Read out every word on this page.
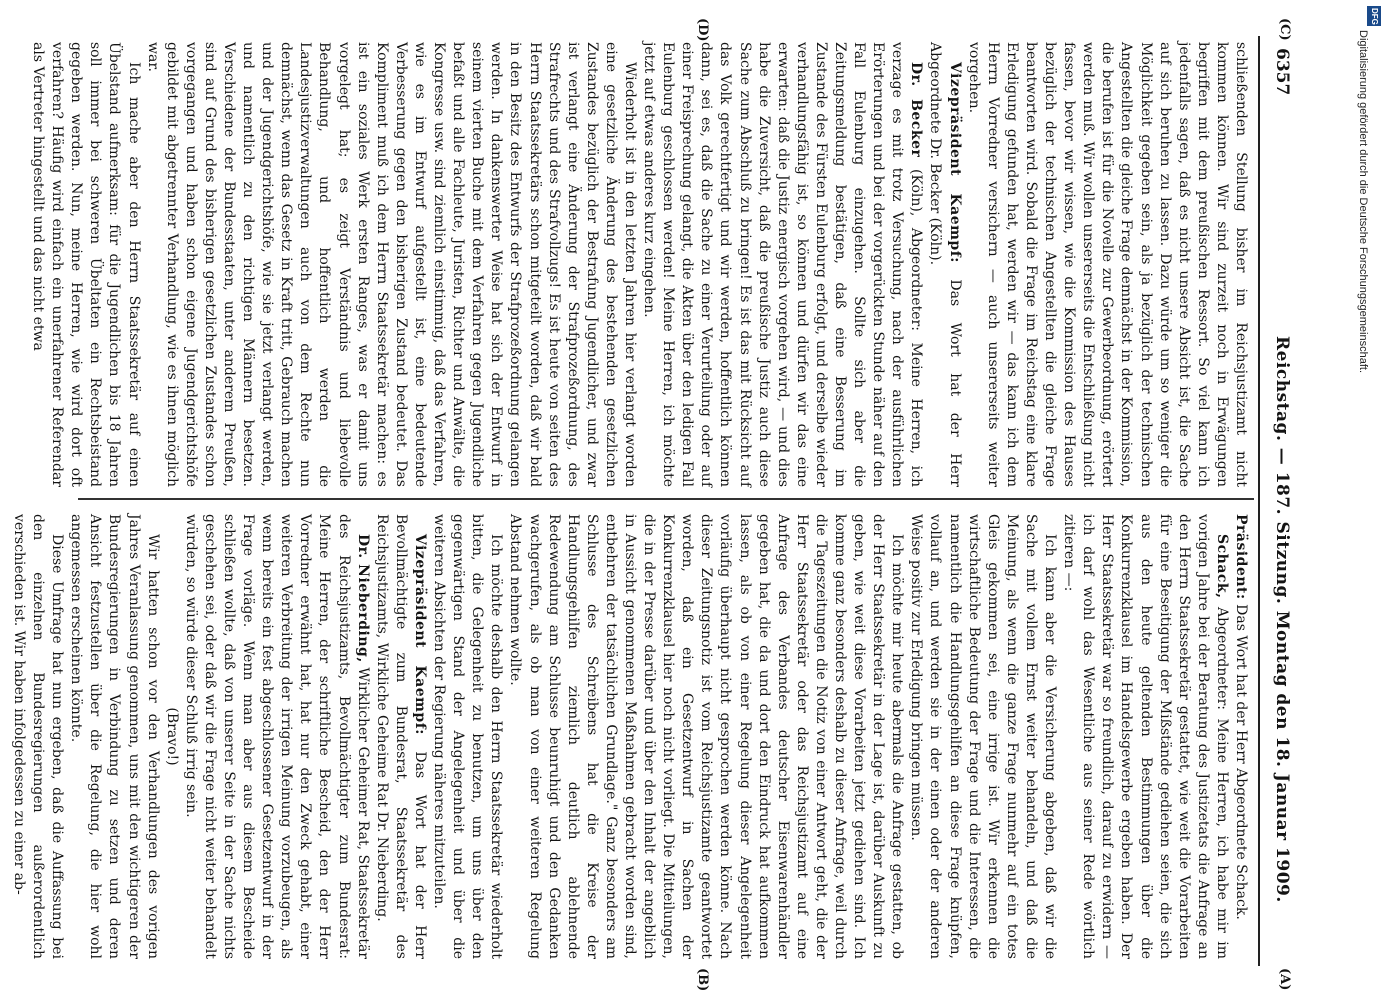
6357
Reichstag. — 187. Sitzung. Montag den 18. Januar 1909.

schließenden Stellung bisher im Reichsjustizamt nicht kommen können. Wir sind zurzeit noch in Erwägungen begriffen mit dem preußischen Ressort. So viel kann ich jedenfalls sagen, daß es nicht unsere Absicht ist, die Sache auf sich beruhen zu lassen. Dazu würde um so weniger die Möglichkeit gegeben sein, als ja bezüglich der technischen Angestellten die gleiche Frage demnächst in der Kommission, die berufen ist für die Novelle zur Gewerbeordnung, erörtert werden muß. Wir wollen unsererseits die Entschließung nicht fassen, bevor wir wissen, wie die Kommission des Hauses bezüglich der technischen Angestellten die gleiche Frage beantworten wird. Sobald die Frage im Reichstag eine klare Erledigung gefunden hat, werden wir — das kann ich dem Herrn Vorredner versichern — auch unsererseits weiter vorgehen.

Vizepräsident Kaempf: Das Wort hat der Herr Abgeordnete Dr. Becker (Köln).

Dr. Becker (Köln), Abgeordneter: Meine Herren, ich verzage es mit trotz Versuchung, nach der ausführlichen Erörterungen und bei der vorgerückten Stunde näher auf den Fall Eulenburg einzugehen. Sollte sich aber die Zeitungsmeldung bestätigen, daß eine Besserung im Zustande des Fürsten Eulenburg erfolgt, und derselbe wieder verhandlungsfähig ist, so können und dürfen wir das eine erwarten: daß die Justiz energisch vorgehen wird, — und dies habe die Zuversicht, daß die preußische Justiz auch diese Sache zum Abschluß zu bringen! Es ist das mit Rücksicht auf das Volk gerechtfertigt und wir werden, hoffentlich können dann, sei es, daß die Sache zu einer Verurteilung oder auf einer Freisprechung gelangt, die Akten über den ledigen Fall Eulenburg geschlossen werden! Meine Herren, ich möchte jetzt auf etwas anderes kurz eingehen.

Wiederholt ist in den letzten Jahren hier verlangt worden eine gesetzliche Änderung des bestehenden gesetzlichen Zustandes bezüglich der Bestrafung Jugendlicher, und zwar ist verlangt eine Änderung der Strafprozeßordnung, des Strafrechts und des Strafvollzugs! Es ist heute von seiten des Herrn Staatssekretärs schon mitgeteilt worden, daß wir bald in den Besitz des Entwurfs der Strafprozeßordnung gelangen werden. In dankenswerter Weise hat sich der Entwurf in seinem vierten Buche mit dem Verfahren gegen Jugendliche befaßt und alle Fachleute, Juristen, Richter und Anwälte, die Kongresse usw. sind ziemlich einstimmig, daß das Verfahren, wie es im Entwurf aufgestellt ist, eine bedeutende Verbesserung gegen den bisherigen Zustand bedeutet. Das Kompliment muß ich dem Herrn Staatssekretär machen: es ist ein soziales Werk ersten Ranges, was er damit uns vorgelegt hat; es zeigt Verständnis und liebevolle Behandlung, und hoffentlich werden die Landesjustizverwaltungen auch von dem Rechte nun demnächst, wenn das Gesetz in Kraft tritt, Gebrauch machen und der Jugendgerichtshöfe, wie sie jetzt verlangt werden, und namentlich zu den richtigen Männern besetzen. Verschiedene der Bundesstaaten, unter anderem Preußen, sind auf Grund des bisherigen gesetzlichen Zustandes schon vorgegangen und haben schon eigene Jugendgerichtshöfe gebildet mit abgetrennter Verhandlung, wie es ihnen möglich war.

Ich mache aber den Herrn Staatssekretär auf einen Übelstand aufmerksam: für die Jugendlichen bis 18 Jahren soll immer bei schweren Übeltaten ein Rechtsbeistand gegeben werden. Nun, meine Herren, wie wird dort oft verfahren? Häufig wird einfach ein unerfahrener Referendar als Vertreter hingestellt und das nicht etwa

Präsident: Das Wort hat der Herr Abgeordnete Schack.

Schack, Abgeordneter: Meine Herren, ich habe mir im vorigen Jahre bei der Beratung des Justizetats die Anfrage an den Herrn Staatssekretär gestattet, wie weit die Vorarbeiten für eine Beseitigung der Mißstände gediehen seien, die sich aus den heute geltenden Bestimmungen über die Konkurrenzklausel im Handelsgewerbe ergeben haben. Der Herr Staatssekretär war so freundlich, darauf zu erwidern — ich darf wohl das Wesentliche aus seiner Rede wörtlich zitieren —:

Ich kann aber die Versicherung abgeben, daß wir die Sache mit vollem Ernst weiter behandeln, und daß die Meinung, als wenn die ganze Frage nunmehr auf ein totes Gleis gekommen sei, eine irrige ist. Wir erkennen die wirtschaftliche Bedeutung der Frage und die Interessen, die namentlich die Handlungsgehilfen an diese Frage knüpfen, vollauf an, und werden sie in der einen oder der anderen Weise positiv zur Erledigung bringen müssen.

Ich möchte mir heute abermals die Anfrage gestatten, ob der Herr Staatssekretär in der Lage ist, darüber Auskunft zu geben, wie weit diese Vorarbeiten jetzt gediehen sind. Ich komme ganz besonders deshalb zu dieser Anfrage, weil durch die Tageszeitungen die Notiz von einer Antwort geht, die der Herr Staatssekretär oder das Reichsjustizamt auf eine Anfrage des Verbandes deutscher Eisenwarenhändler gegeben hat, die da und dort den Eindruck hat aufkommen lassen, als ob von einer Regelung dieser Angelegenheit vorläufig überhaupt nicht gesprochen werden könne. Nach dieser Zeitungsnotiz ist vom Reichsjustizamte geantwortet worden, daß ein Gesetzentwurf in Sachen der Konkurrenzklausel hier noch nicht vorliegt. Die Mitteilungen, die in der Presse darüber und über den Inhalt der angeblich in Aussicht genommenen Maßnahmen gebracht worden sind, entbehren der tatsächlichen Grundlage." Ganz besonders am Schlusse des Schreibens hat die Kreise der Handlungsgehilfen ziemlich deutlich ablehnende Redewendung am Schlusse beunruhigt und den Gedanken wachgerufen, als ob man von einer weiteren Regelung Abstand nehmen wollte.

Ich möchte deshalb den Herrn Staatssekretär wiederholt bitten, die Gelegenheit zu benutzen, um uns über den gegenwärtigen Stand der Angelegenheit und über die weiteren Absichten der Regierung näheres mitzuteilen.

Vizepräsident Kaempf: Das Wort hat der Herr Bevollmächtigte zum Bundesrat, Staatssekretär des Reichsjustizamts, Wirkliche Geheime Rat Dr. Nieberding.

Dr. Nieberding, Wirklicher Geheimer Rat, Staatssekretär des Reichsjustizamts, Bevollmächtigter zum Bundesrat: Meine Herren, der schriftliche Bescheid, den der Herr Vorredner erwähnt hat, hat nur den Zweck gehabt, einer weiteren Verbreitung der irrigen Meinung vorzubeugen, als wenn bereits ein fest abgeschlossener Gesetzentwurf in der Frage vorläge. Wenn man aber aus diesem Bescheide schließen wollte, daß von unserer Seite in der Sache nichts geschehen sei, oder daß wir die Frage nicht weiter behandelt würden, so würde dieser Schluß irrig sein.

(Bravo!)

Wir hatten schon vor den Verhandlungen des vorigen Jahres Veranlassung genommen, uns mit den wichtigeren der Bundesregierungen in Verbindung zu setzen und deren Ansicht festzustellen über die Regelung, die hier wohl angemessen erscheinen könnte.

Diese Umfrage hat nun ergeben, daß die Auffassung bei den einzelnen Bundesregierungen außerordentlich verschieden ist. Wir haben infolgedessen zu einer ab-

(C)
(D)
(A)
(B)
DFG
Digitalisierung gefördert durch die Deutsche Forschungsgemeinschaft.
